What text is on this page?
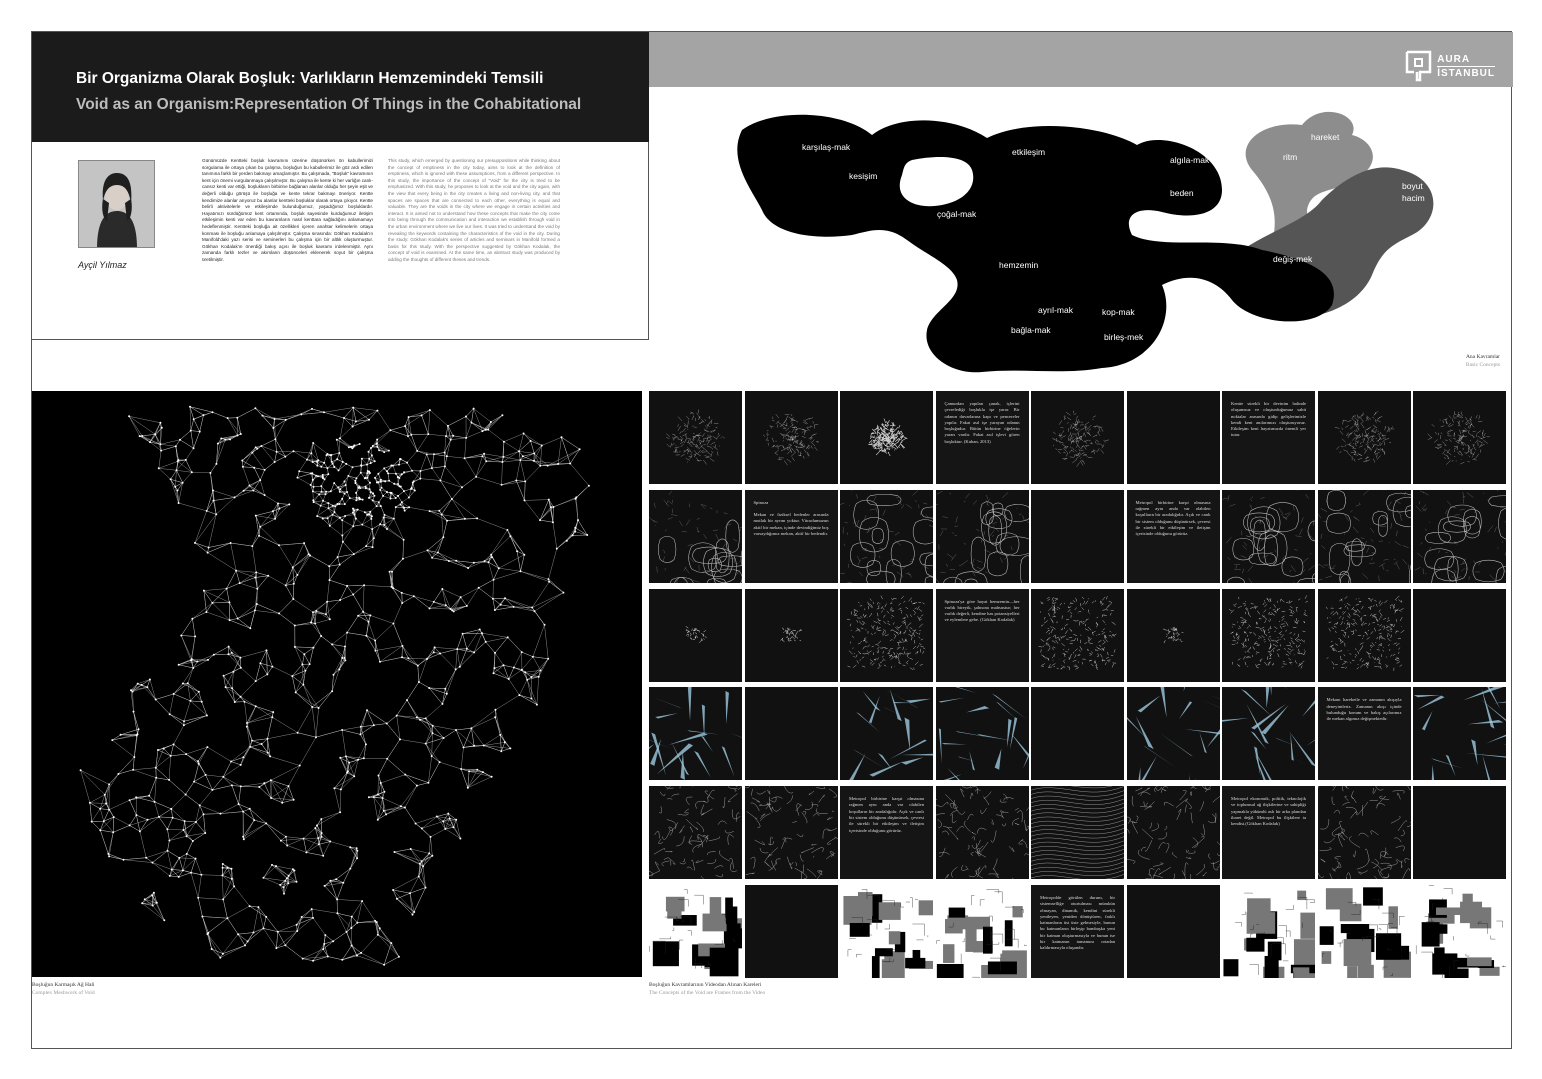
Bir Organizma Olarak Boşluk: Varlıkların Hemzemindeki Temsili
Void as an Organism:Representation Of Things in the Cohabitational
AURA
İSTANBUL
Ayçil Yılmaz
Günümüzde Kentteki boşluk kavramını üzerine düşünürken ön kabullerimizi sorgulama ile ortaya çıkan bu çalışma, boşluğun bu kabullerimiz ile göz ardı edilen tanımına farklı bir yerden bakmayı amaçlamıştır. Bu çalışmada, "Boşluk" kavramının kent için önemi vurgulanmaya çalışılmıştır. Bu çalışma ile kente ki her varlığın canlı-cansız kenti var ettiği, boşlukların birbirine bağlanan alanlar olduğu her şeyin eşit ve değerli olduğu görüşü ile boşluğa ve kente tekrar bakmayı öneriyor. Kentte kendimize alanlar arıyoruz bu alanlar kentteki boşluklar olarak ortaya çıkıyor. Kentte belirli aktivitelerle ve etkileşimde bulunduğumuz, yaşadığımız boşluklardır. Hayatımızı sürdüğümüz kent ortamında, boşluk sayesinde kurduğumuz iletişim etkileşimin kenti var eden bu kavramların nasıl kenttara sağladığını anlamamayı hedeflenmiştir. Kentteki boşluğa ait özellikleri içeren anahtar kelimelerin ortaya konması ile boşluğu anlamaya çalışılmıştır. Çalışma sırasında: Gökhan Kodalak'ın Manifold'daki yazı serisi ve seminerleri bu çalışma için bir altlık oluşturmuştur. Gökhan Kodalak'ın önerdiği bakış açısı ile boşluk kavramı irdelenmiştir. Aynı zamanda farklı tezler ve akımların düşünceleri eklenerek soyut bir çalışma üretilmiştir.
This study, which emerged by questioning our presuppositions while thinking about the concept of emptiness in the city today, aims to look at the definition of emptiness, which is ignored with these assumptions, from a different perspective. In this study, the importance of the concept of "Void" for the city is tried to be emphasized. With this study, he proposes to look at the void and the city again, with the view that every being in the city creates a living and non-living city, and that spaces are spaces that are connected to each other, everything is equal and valuable. They are the voids in the city where we engage in certain activities and interact. It is aimed not to understand how these concepts that make the city come into being through the communication and interaction we establish through void in the urban environment where we live our lives. It was tried to understand the void by revealing the keywords containing the characteristics of the void in the city. During the study: Gökhan Kodalak's series of articles and seminars in Manifold formed a basis for this study. With the perspective suggested by Gökhan Kodalak, the concept of void is examined. At the same time, an abstract study was produced by adding the thoughts of different theses and trends.
karşılaş-mak
kesişim
etkileşim
algıla-mak
beden
çoğal-mak
hemzemin
ayrıl-mak	kop-mak
bağla-mak
birleş-mek
hareket
ritm
boyut
hacim
değiş-mek
Ana Kavramlar
Basic Concepts
Boşluğun Karmaşık Ağ Hali
Complex Meshwork of Void

Çamurdan yapılan çanak, içlerini çevrelediği boşlukla işe yarar. Bir odanın duvarlarına kapı ve pencereler yapılır. Fakat asıl işe yarayan odanın boşluğudur. Bütün birbirine öğelerin yararı vardır. Fakat asıl işlevi gören boşluktur. (Kuban, 2013)

Kentte sürekli bir devinim halinde oluşumsuz ve oluşturduğumuz sabit noktalar arasında gidip gelişlerimizle kendi kent anılarımızı oluşturuyoruz. Etkileşim kent hayatımızda önemli yer tutar.

Spinoza

Mekan ve fiziksel bedenler arasında mutlak bir ayrım yoktur. Vücudumuzun aktif bir mekan, içinde devindiğimiz boş varsaydığımız mekan, aktif bir bedendir.

Metropol birbirine karşıt olmasına rağmen aynı anda var olabilen koşulların bir aradalığıdır. Açık ve canlı bir sistem olduğunu düşünürsek, çevresi ile sürekli bir etkileşim ve iletişim içerisinde olduğunu görürüz.

Spinoza'ya göre hayat hemzemin—her varlık bireyik, şahısına mahsustur; her varlık değerli, kendine has potansiyelleri ve eylemlere gebe. (Gökhan Kodalak)

Mekanı hareketle ve zamanın akışıyla deneyimleriz. Zamanın akışı içinde bulunduğu konum ve bakış açılarımız ile mekan algımız değişmektedir.

Metropol birbirine karşıt olmasına rağmen aynı anda var olabilen koşulların bir aradalığıdır. Açık ve canlı bir sistem olduğunu düşünürsek, çevresi ile sürekli bir etkileşim ve iletişim içerisinde olduğunu görürüz.

Metropol ekonomik, politik, teknolojik ve toplumsal ağ ilişkilerine ve sahipliği yapmakla yükümlü aslı bir arka plandan ibaret değil. Metropol bu ilişkilere ta kendisi.(Gökhan Kodalak)

Metropolde görülen durum, bir sistemselliğe oturtulması mümkün olmayan, dinamik, kendini sürekli yenileyen, yeniden dönüştüren, farklı katmanların üst üste gelmesiyle, bunun bu katmanların birleşip bambaşka yeni bir katman oluşturmasıyla ve bunun ise bir katmanın tamamını ortadan kaldırmasıyla oluşandır.

Boşluğun Kavramlarının Videodan Alınan Kareleri
The Concepts of the Void are Frames from the Video
